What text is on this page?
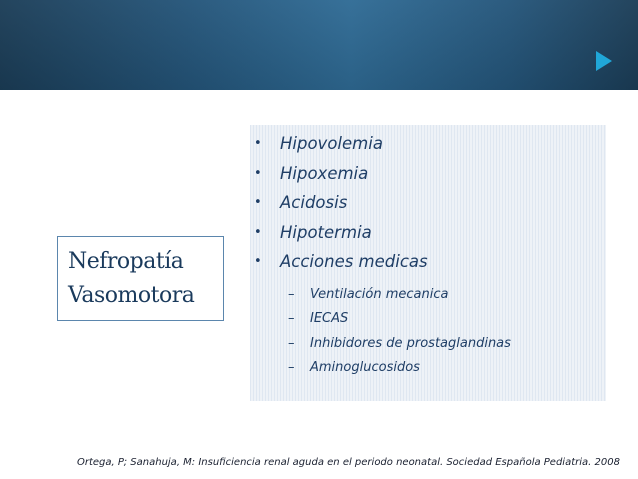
•	Hipovolemia
•	Hipoxemia
•	Acidosis
•	Hipotermia
•	Acciones medicas
–	Ventilación mecanica
–	IECAS
–	Inhibidores de prostaglandinas
–	Aminoglucosidos
Nefropatía
Vasomotora
Ortega, P; Sanahuja, M: Insuficiencia renal aguda en el periodo neonatal. Sociedad Española Pediatria. 2008
